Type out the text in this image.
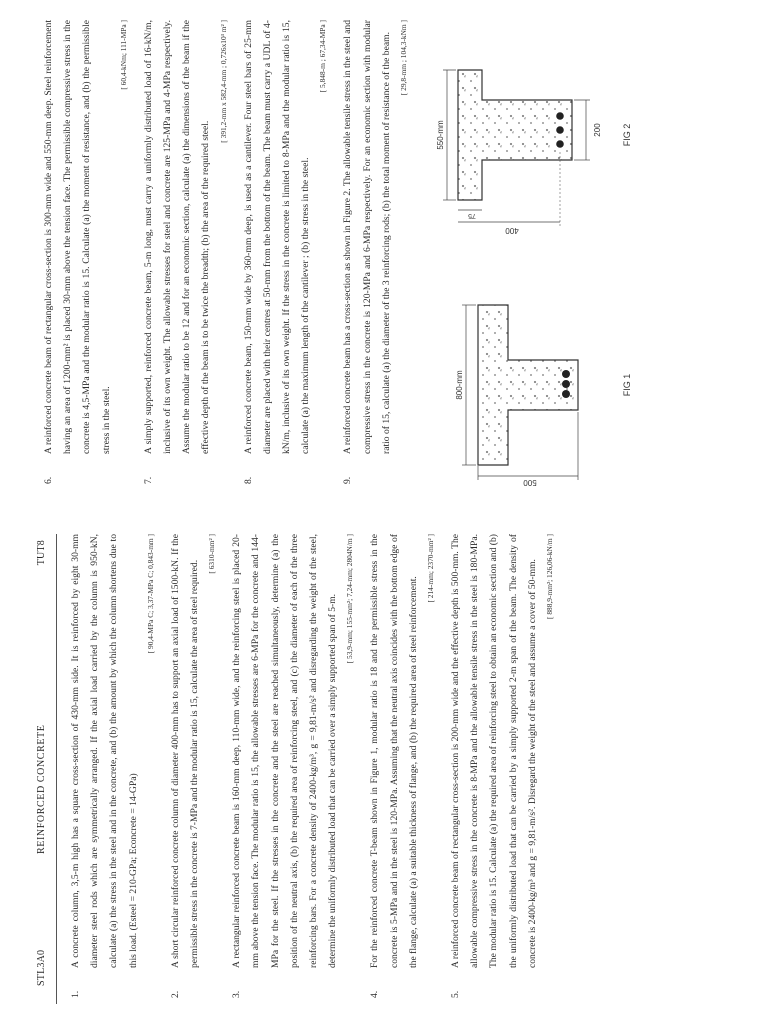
STL3A0
REINFORCED CONCRETE
TUT8
1.
A concrete column, 3,5-m high has a square cross-section of 430-mm side. It is reinforced by eight 30-mm diameter steel rods which are symmetrically arranged. If the axial load carried by the column is 950-kN, calculate (a) the stress in the steel and in the concrete, and (b) the amount by which the column shortens due to this load. (Esteel = 210-GPa; Econcrete = 14-GPa)
[ 90,4-MPa C; 3,37-MPa C; 0,843-mm ]
2.
A short circular reinforced concrete column of diameter 400-mm has to support an axial load of 1500-kN. If the permissible stress in the concrete is 7-MPa and the modular ratio is 15, calculate the area of steel required.
[ 6310-mm² ]
3.
A rectangular reinforced concrete beam is 160-mm deep, 110-mm wide, and the reinforcing steel is placed 20-mm above the tension face. The modular ratio is 15, the allowable stresses are 6-MPa for the concrete and 144-MPa for the steel. If the stresses in the concrete and the steel are reached simultaneously, determine (a) the position of the neutral axis, (b) the required area of reinforcing steel, and (c) the diameter of each of the three reinforcing bars. For a concrete density of 2400-kg/m³, g = 9,81-m/s² and disregarding the weight of the steel, determine the uniformly distributed load that can be carried over a simply supported span of 5-m. [ 53,9-mm; 155-mm²; 7,24-mm; 2804N/m ]
4.
For the reinforced concrete T-beam shown in Figure 1, modular ratio is 18 and the permissible stress in the concrete is 5-MPa and in the steel is 120-MPa. Assuming that the neutral axis coincides with the bottom edge of the flange, calculate (a) a suitable thickness of flange, and (b) the required area of steel reinforcement.
[ 214-mm; 2370-mm² ]
5.
A reinforced concrete beam of rectangular cross-section is 200-mm wide and the effective depth is 500-mm. The allowable compressive stress in the concrete is 8-MPa and the allowable tensile stress in the steel is 180-MPa. The modular ratio is 15. Calculate (a) the required area of reinforcing steel to obtain an economic section and (b) the uniformly distributed load that can be carried by a simply supported 2-m span of the beam. The density of concrete is 2400-kg/m³ and g = 9,81-m/s². Disregard the weight of the steel and assume a cover of 50-mm. [ 888,9-mm²; 126,06-kN/m ]
6.
A reinforced concrete beam of rectangular cross-section is 300-mm wide and 550-mm deep. Steel reinforcement having an area of 1200-mm² is placed 30-mm above the tension face. The permissible compressive stress in the concrete is 4,5-MPa and the modular ratio is 15. Calculate (a) the moment of resistance, and (b) the permissible stress in the steel.
[ 60,4-kNm; 111-MPa ]
7.
A simply supported, reinforced concrete beam, 5-m long, must carry a uniformly distributed load of 16-kN/m, inclusive of its own weight. The allowable stresses for steel and concrete are 125-MPa and 4-MPa respectively. Assume the modular ratio to be 12 and for an economic section, calculate (a) the dimensions of the beam if the effective depth of the beam is to be twice the breadth; (b) the area of the required steel.
[ 391,2-mm x 582,4-mm ; 0,726x10³ m² ]
8.
A reinforced concrete beam, 150-mm wide by 360-mm deep, is used as a cantilever. Four steel bars of 25-mm diameter are placed with their centres at 50-mm from the bottom of the beam. The beam must carry a UDL of 4-kN/m, inclusive of its own weight. If the stress in the concrete is limited to 8-MPa and the modular ratio is 15, calculate (a) the maximum length of the cantilever ; (b) the stress in the steel.
[ 5,848-m ; 67,34-MPa ]
9.
A reinforced concrete beam has a cross-section as shown in Figure 2. The allowable tensile stress in the steel and compressive stress in the concrete is 120-MPa and 6-MPa respectively. For an economic section with modular ratio of 15, calculate (a) the diameter of the 3 reinforcing rods; (b) the total moment of resistance of the beam. [ 29,8-mm ; 104,3-kNm ]
800-mm
500
FIG 1
550-mm
75
400
200 FIG 2
